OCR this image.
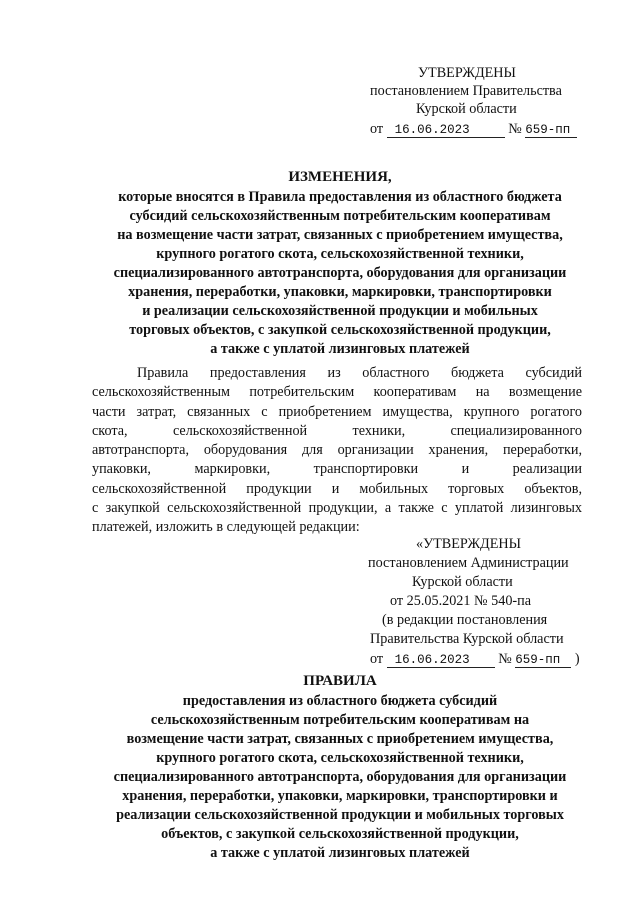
УТВЕРЖДЕНЫ
постановлением Правительства
Курской области
от 16.06.2023	№ 659-пп
ИЗМЕНЕНИЯ,
которые вносятся в Правила предоставления из областного бюджета
субсидий сельскохозяйственным потребительским кооперативам
на возмещение части затрат, связанных с приобретением имущества,
крупного рогатого скота, сельскохозяйственной техники,
специализированного автотранспорта, оборудования для организации
хранения, переработки, упаковки, маркировки, транспортировки
и реализации сельскохозяйственной продукции и мобильных
торговых объектов, с закупкой сельскохозяйственной продукции,
а также с уплатой лизинговых платежей
Правила предоставления из областного бюджета субсидий
сельскохозяйственным потребительским кооперативам на возмещение
части затрат, связанных с приобретением имущества, крупного рогатого
скота, сельскохозяйственной техники, специализированного
автотранспорта, оборудования для организации хранения, переработки,
упаковки, маркировки, транспортировки и реализации
сельскохозяйственной продукции и мобильных торговых объектов,
с закупкой сельскохозяйственной продукции, а также с уплатой лизинговых
платежей, изложить в следующей редакции:
«УТВЕРЖДЕНЫ
постановлением Администрации
Курской области
от 25.05.2021 № 540-па
(в редакции постановления
Правительства Курской области
от 16.06.2023 № 659-пп )
ПРАВИЛА
предоставления из областного бюджета субсидий
сельскохозяйственным потребительским кооперативам на
возмещение части затрат, связанных с приобретением имущества,
крупного рогатого скота, сельскохозяйственной техники,
специализированного автотранспорта, оборудования для организации
хранения, переработки, упаковки, маркировки, транспортировки и
реализации сельскохозяйственной продукции и мобильных торговых
объектов, с закупкой сельскохозяйственной продукции,
а также с уплатой лизинговых платежей
